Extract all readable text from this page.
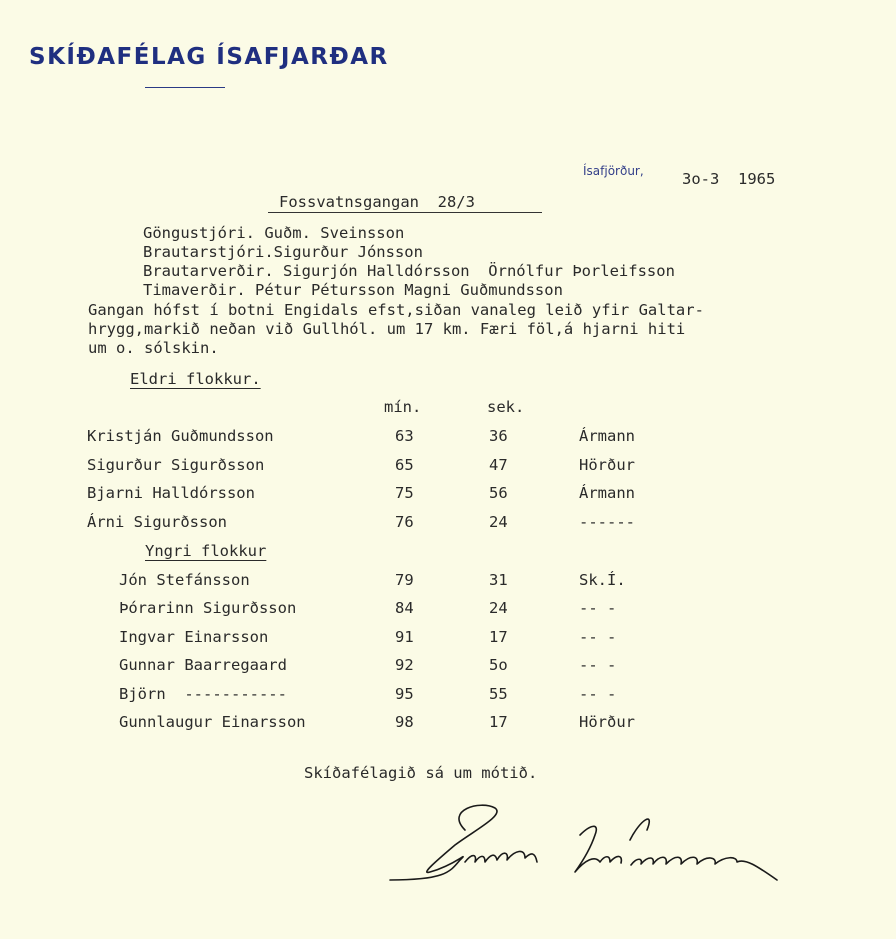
SKÍÐAFÉLAG ÍSAFJARÐAR
Ísafjörður, 3o-3  1965
Fossvatnsgangan  28/3
Göngustjóri. Guðm. Sveinsson
Brautarstjóri.Sigurður Jónsson
Brautarverðir. Sigurjón Halldórsson  Örnólfur Þorleifsson
Timaverðir. Pétur Pétursson Magni Guðmundsson
Gangan hófst í botni Engidals efst,siðan vanaleg leið yfir Galtar-
hrygg,markið neðan við Gullhól. um 17 km. Færi föl,á hjarni hiti
um o. sólskin.
Eldri flokkur.
mín.	sek.
Kristján Guðmundsson	63	36	Ármann
Sigurður Sigurðsson	65	47	Hörður
Bjarni Halldórsson	75	56	Ármann
Árni Sigurðsson	76	24	------
Yngri flokkur
Jón Stefánsson	79	31	Sk.Í.
Þórarinn Sigurðsson	84	24	-- -
Ingvar Einarsson	91	17	-- -
Gunnar Baarregaard	92	5o	-- -
Björn  -----------	95	55	-- -
Gunnlaugur Einarsson	98	17	Hörður
Skíðafélagið sá um mótið.
